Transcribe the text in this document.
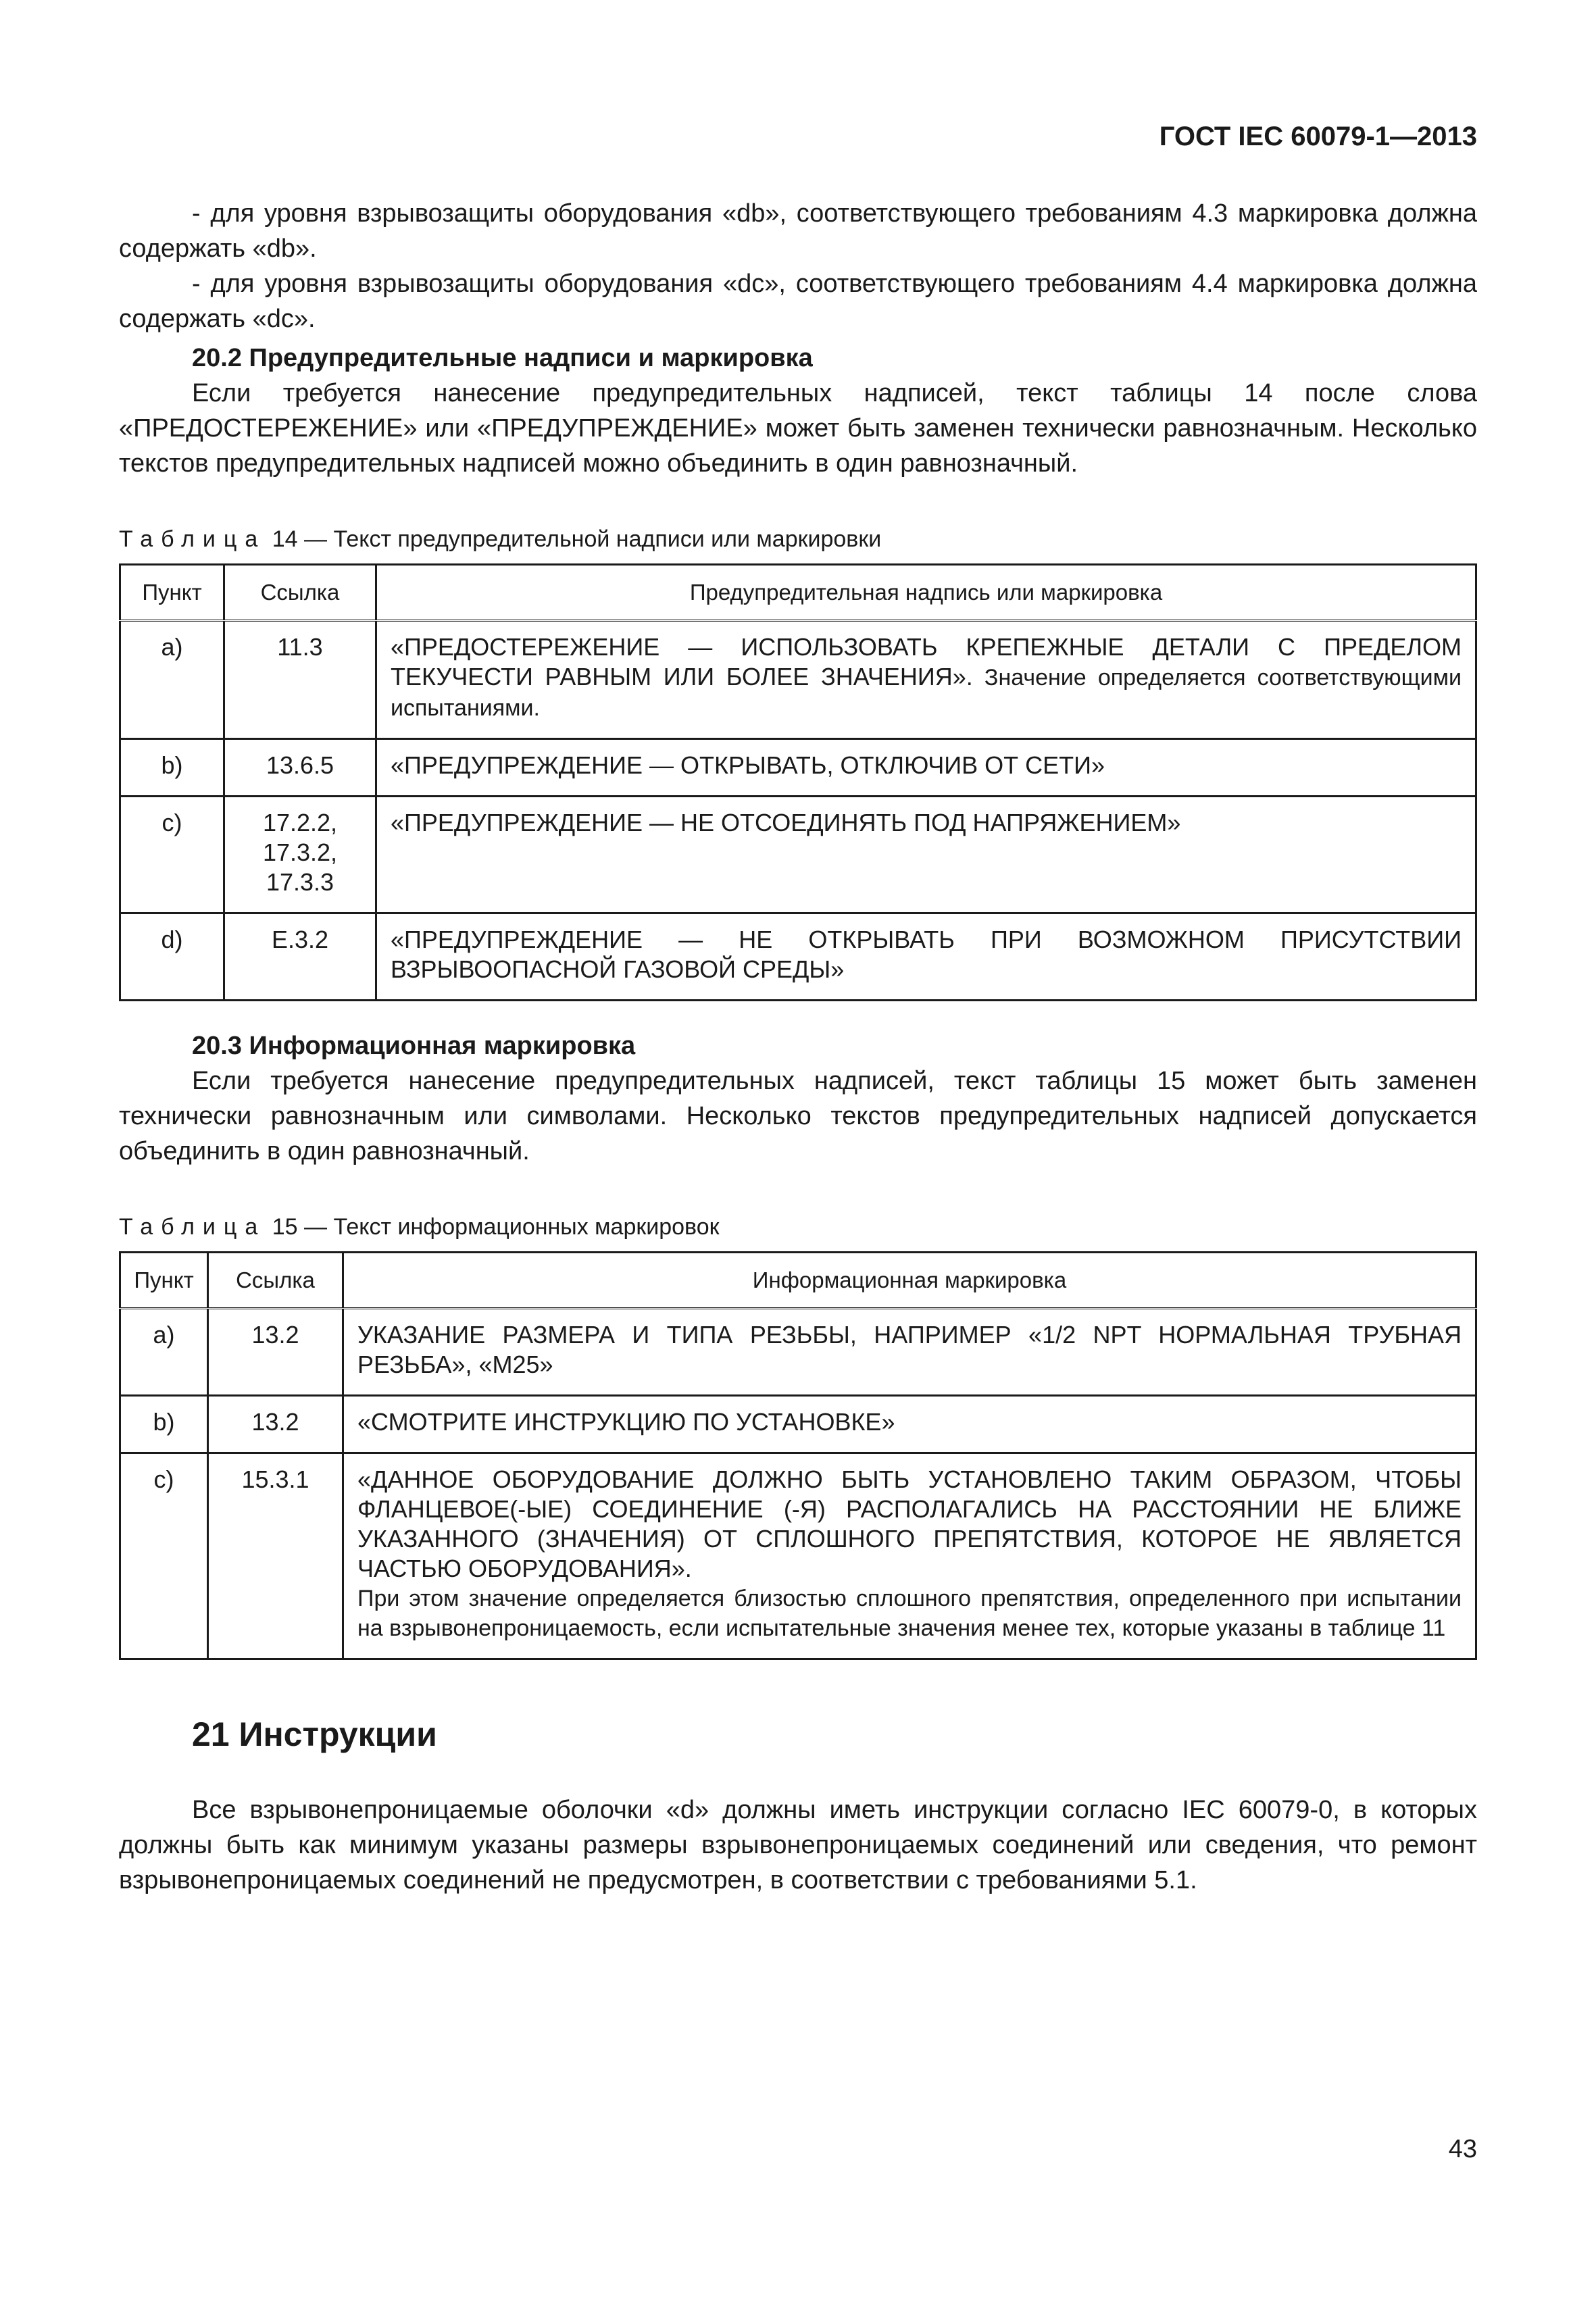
ГОСТ IEC 60079-1—2013

- для уровня взрывозащиты оборудования «db», соответствующего требованиям 4.3 маркировка должна содержать «db».

- для уровня взрывозащиты оборудования «dc», соответствующего требованиям 4.4 маркировка должна содержать «dc».

20.2 Предупредительные надписи и маркировка

Если требуется нанесение предупредительных надписей, текст таблицы 14 после слова «ПРЕДОСТЕРЕЖЕНИЕ» или «ПРЕДУПРЕЖДЕНИЕ» может быть заменен технически равнозначным. Несколько текстов предупредительных надписей можно объединить в один равнозначный.

Таблица 14 — Текст предупредительной надписи или маркировки
Пункт	Ссылка	Предупредительная надпись или маркировка
a)	11.3	«ПРЕДОСТЕРЕЖЕНИЕ — ИСПОЛЬЗОВАТЬ КРЕПЕЖНЫЕ ДЕТАЛИ С ПРЕДЕЛОМ ТЕКУЧЕСТИ РАВНЫМ ИЛИ БОЛЕЕ ЗНАЧЕНИЯ». Значение определяется соответствующими испытаниями.
b)	13.6.5	«ПРЕДУПРЕЖДЕНИЕ — ОТКРЫВАТЬ, ОТКЛЮЧИВ ОТ СЕТИ»
c)	17.2.2, 17.3.2, 17.3.3	«ПРЕДУПРЕЖДЕНИЕ — НЕ ОТСОЕДИНЯТЬ ПОД НАПРЯЖЕНИЕМ»
d)	Е.3.2	«ПРЕДУПРЕЖДЕНИЕ — НЕ ОТКРЫВАТЬ ПРИ ВОЗМОЖНОМ ПРИСУТСТВИИ ВЗРЫВООПАСНОЙ ГАЗОВОЙ СРЕДЫ»

20.3 Информационная маркировка

Если требуется нанесение предупредительных надписей, текст таблицы 15 может быть заменен технически равнозначным или символами. Несколько текстов предупредительных надписей допускается объединить в один равнозначный.

Таблица 15 — Текст информационных маркировок
Пункт	Ссылка	Информационная маркировка
a)	13.2	УКАЗАНИЕ РАЗМЕРА И ТИПА РЕЗЬБЫ, НАПРИМЕР «1/2 NPT НОРМАЛЬНАЯ ТРУБНАЯ РЕЗЬБА», «M25»
b)	13.2	«СМОТРИТЕ ИНСТРУКЦИЮ ПО УСТАНОВКЕ»
c)	15.3.1	«ДАННОЕ ОБОРУДОВАНИЕ ДОЛЖНО БЫТЬ УСТАНОВЛЕНО ТАКИМ ОБРАЗОМ, ЧТОБЫ ФЛАНЦЕВОЕ(-ЫЕ) СОЕДИНЕНИЕ (-Я) РАСПОЛАГАЛИСЬ НА РАССТОЯНИИ НЕ БЛИЖЕ УКАЗАННОГО (ЗНАЧЕНИЯ) ОТ СПЛОШНОГО ПРЕПЯТСТВИЯ, КОТОРОЕ НЕ ЯВЛЯЕТСЯ ЧАСТЬЮ ОБОРУДОВАНИЯ».
При этом значение определяется близостью сплошного препятствия, определенного при испытании на взрывонепроницаемость, если испытательные значения менее тех, которые указаны в таблице 11

21 Инструкции

Все взрывонепроницаемые оболочки «d» должны иметь инструкции согласно IEC 60079-0, в которых должны быть как минимум указаны размеры взрывонепроницаемых соединений или сведения, что ремонт взрывонепроницаемых соединений не предусмотрен, в соответствии с требованиями 5.1.

43
